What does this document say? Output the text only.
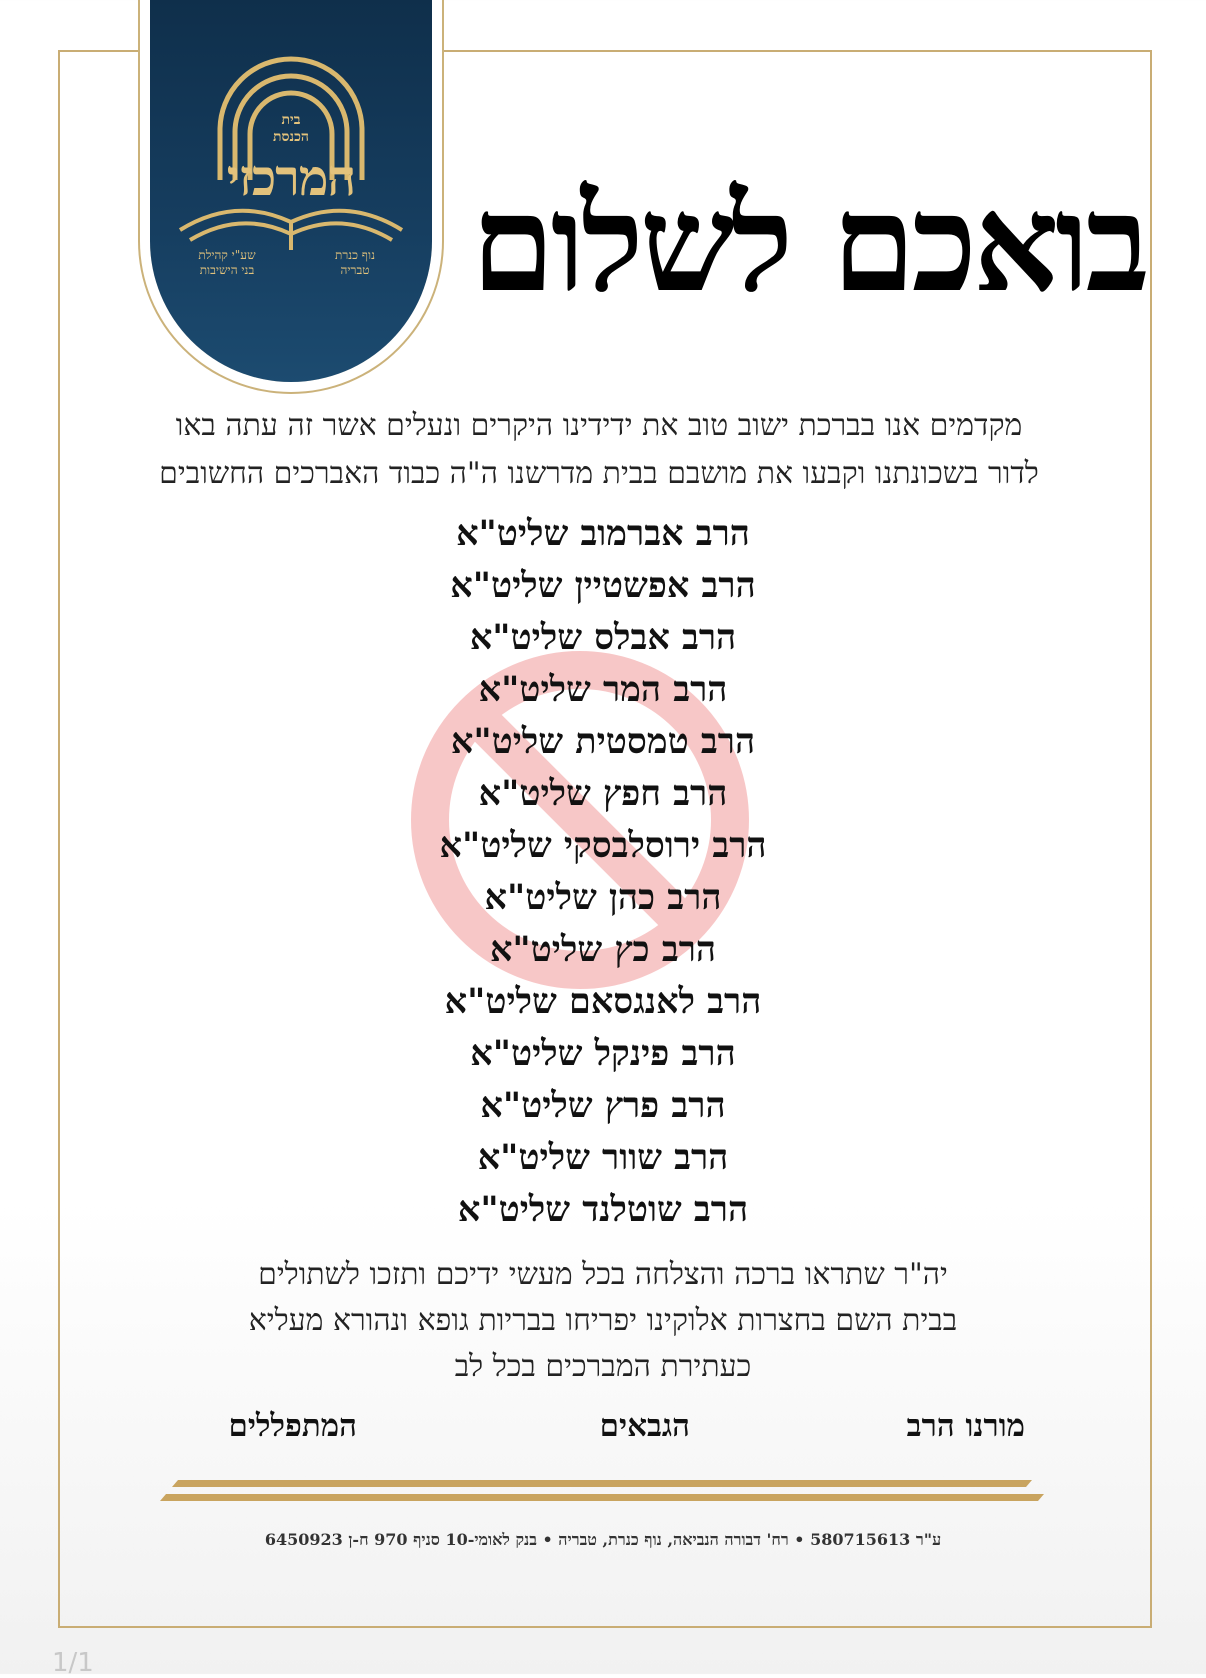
בית
הכנסת
המרכזי
שע"י קהילת
בני הישיבות
נוף כנרת
טבריה בואכם לשלום
מקדמים אנו בברכת ישוב טוב את ידידינו היקרים ונעלים אשר זה עתה באו
לדור בשכונתנו וקבעו את מושבם בבית מדרשנו ה"ה כבוד האברכים החשובים
הרב אברמוב שליט"א
הרב אפשטיין שליט"א
הרב אבלס שליט"א
הרב המר שליט"א
הרב טמסטית שליט"א
הרב חפץ שליט"א
הרב ירוסלבסקי שליט"א
הרב כהן שליט"א
הרב כץ שליט"א
הרב לאנגסאם שליט"א
הרב פינקל שליט"א
הרב פרץ שליט"א
הרב שוור שליט"א
הרב שוטלנד שליט"א
יה"ר שתראו ברכה והצלחה בכל מעשי ידיכם ותזכו לשתולים
בבית השם בחצרות אלוקינו יפריחו בבריות גופא ונהורא מעליא
כעתירת המברכים בכל לב
מורנו הרב
הגבאים
המתפללים
ע"ר 580715613 • רח' דבורה הנביאה, נוף כנרת, טבריה • בנק לאומי-10 סניף 970 ח-ן 6450923
1/1
